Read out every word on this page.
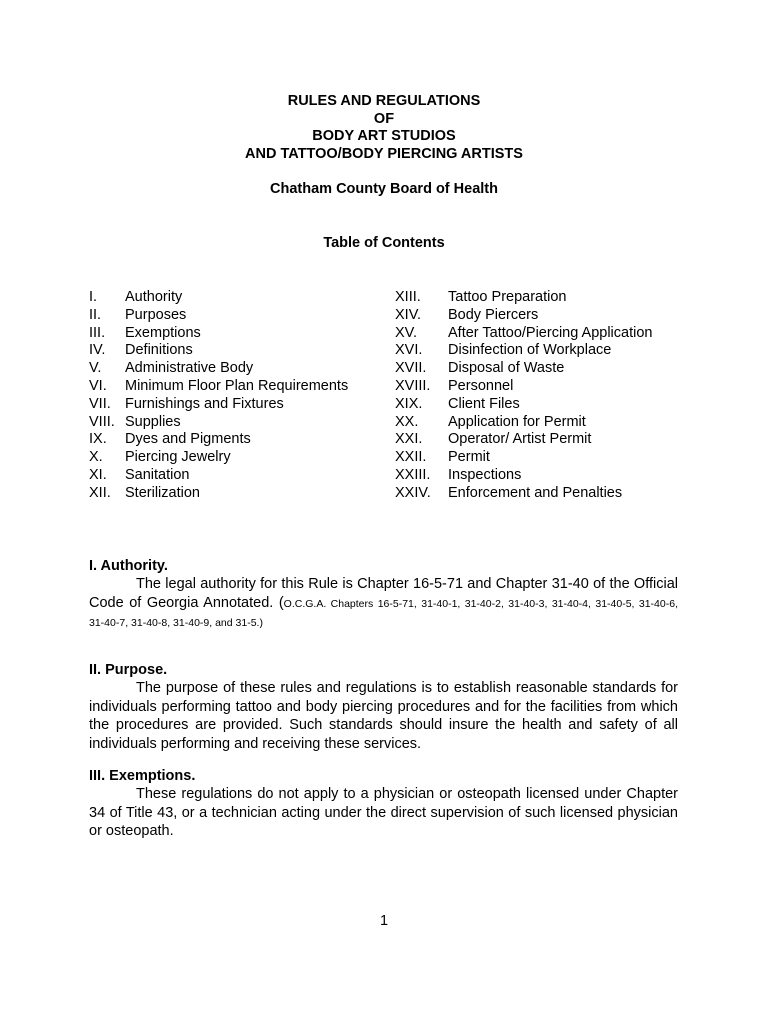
RULES AND REGULATIONS
OF
BODY ART STUDIOS
AND TATTOO/BODY PIERCING ARTISTS
Chatham County Board of Health
Table of Contents
I.	Authority
II.	Purposes
III.	Exemptions
IV.	Definitions
V.	Administrative Body
VI.	Minimum Floor Plan Requirements
VII. Furnishings and Fixtures
VIII. Supplies
IX.	Dyes and Pigments
X.	Piercing Jewelry
XI.	Sanitation
XII. Sterilization
XIII.	Tattoo Preparation
XIV.	Body Piercers
XV.	After Tattoo/Piercing Application
XVI.	Disinfection of Workplace
XVII.	Disposal of Waste
XVIII.	Personnel
XIX.	Client Files
XX.	Application for Permit
XXI.	Operator/ Artist Permit
XXII.	Permit
XXIII.	Inspections
XXIV.	Enforcement and Penalties
I. Authority.

The legal authority for this Rule is Chapter 16-5-71 and Chapter 31-40 of the Official Code of Georgia Annotated. (O.C.G.A. Chapters 16-5-71, 31-40-1, 31-40-2, 31-40-3, 31-40-4, 31-40-5, 31-40-6, 31-40-7, 31-40-8, 31-40-9, and 31-5.)

II. Purpose.

The purpose of these rules and regulations is to establish reasonable standards for individuals performing tattoo and body piercing procedures and for the facilities from which the procedures are provided. Such standards should insure the health and safety of all individuals performing and receiving these services.

III. Exemptions.

These regulations do not apply to a physician or osteopath licensed under Chapter 34 of Title 43, or a technician acting under the direct supervision of such licensed physician or osteopath.

1
